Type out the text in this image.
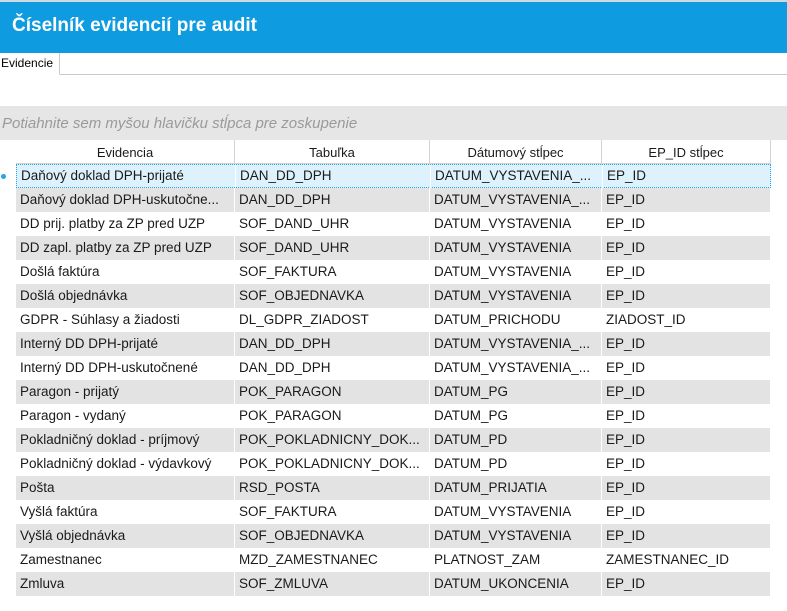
Číselník evidencií pre audit
Evidencie
Potiahnite sem myšou hlavičku stĺpca pre zoskupenie
Evidencia	Tabuľka	Dátumový stĺpec	EP_ID stĺpec
Daňový doklad DPH-prijaté	DAN_DD_DPH	DATUM_VYSTAVENIA_...	EP_ID
Daňový doklad DPH-uskutočne...	DAN_DD_DPH	DATUM_VYSTAVENIA_...	EP_ID
DD prij. platby za ZP pred UZP	SOF_DAND_UHR	DATUM_VYSTAVENIA	EP_ID
DD zapl. platby za ZP pred UZP	SOF_DAND_UHR	DATUM_VYSTAVENIA	EP_ID
Došlá faktúra	SOF_FAKTURA	DATUM_VYSTAVENIA	EP_ID
Došlá objednávka	SOF_OBJEDNAVKA	DATUM_VYSTAVENIA	EP_ID
GDPR - Súhlasy a žiadosti	DL_GDPR_ZIADOST	DATUM_PRICHODU	ZIADOST_ID
Interný DD DPH-prijaté	DAN_DD_DPH	DATUM_VYSTAVENIA_...	EP_ID
Interný DD DPH-uskutočnené	DAN_DD_DPH	DATUM_VYSTAVENIA_...	EP_ID
Paragon - prijatý	POK_PARAGON	DATUM_PG	EP_ID
Paragon - vydaný	POK_PARAGON	DATUM_PG	EP_ID
Pokladničný doklad - príjmový	POK_POKLADNICNY_DOK...	DATUM_PD	EP_ID
Pokladničný doklad - výdavkový	POK_POKLADNICNY_DOK...	DATUM_PD	EP_ID
Pošta	RSD_POSTA	DATUM_PRIJATIA	EP_ID
Vyšlá faktúra	SOF_FAKTURA	DATUM_VYSTAVENIA	EP_ID
Vyšlá objednávka	SOF_OBJEDNAVKA	DATUM_VYSTAVENIA	EP_ID
Zamestnanec	MZD_ZAMESTNANEC	PLATNOST_ZAM	ZAMESTNANEC_ID
Zmluva	SOF_ZMLUVA	DATUM_UKONCENIA	EP_ID
